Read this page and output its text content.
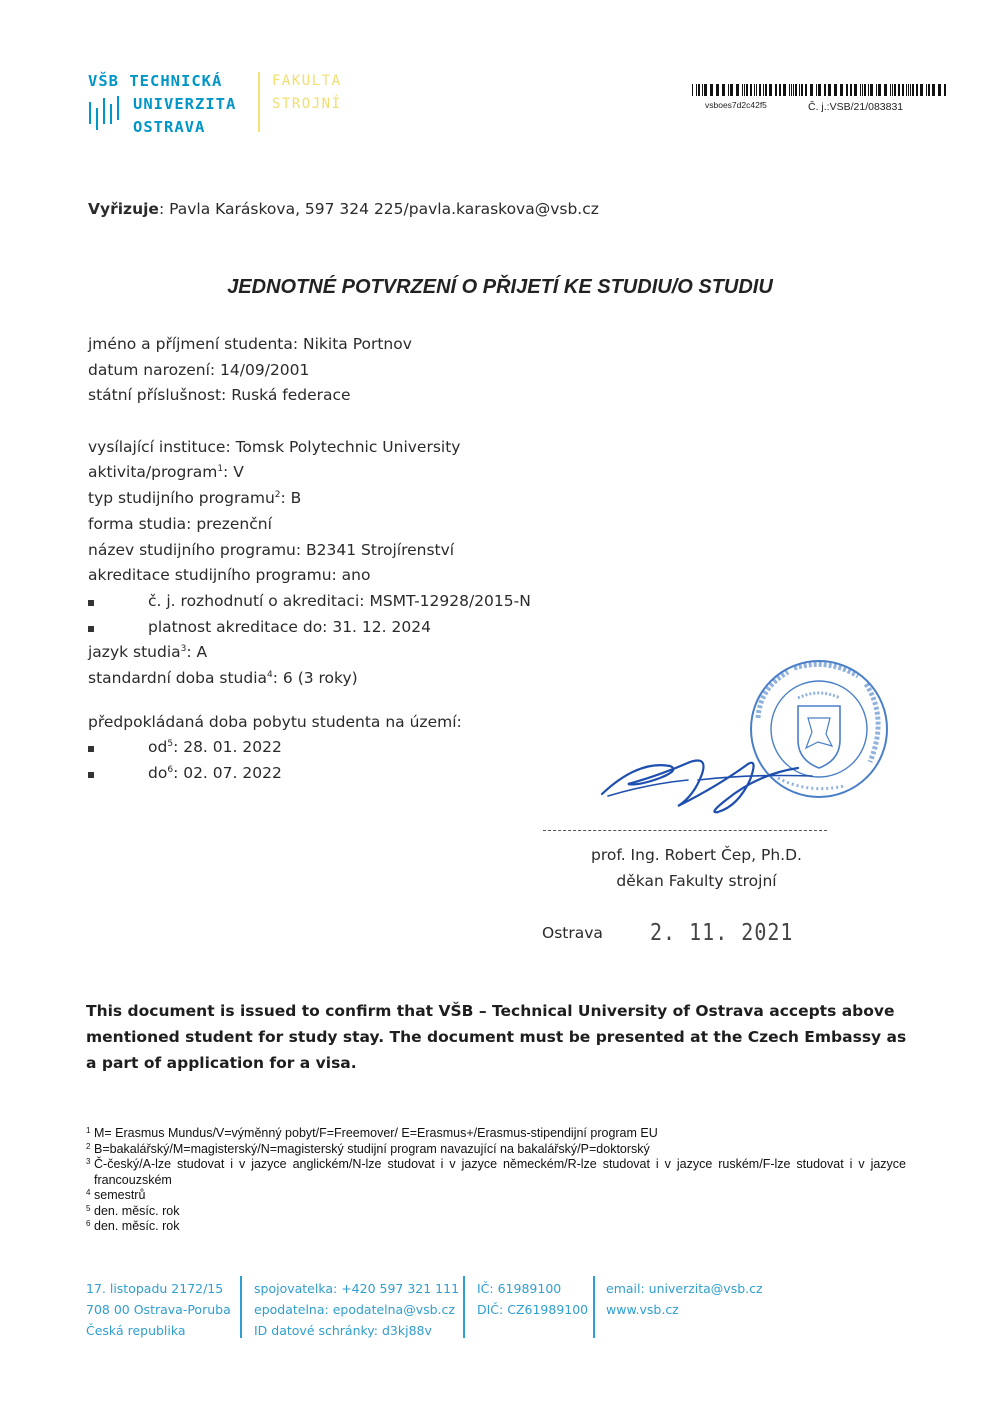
VŠB TECHNICKÁ
UNIVERZITA
OSTRAVA
FAKULTA
STROJNÍ	vsboes7d2c42f5	Č. j.:VSB/21/083831
Vyřizuje: Pavla Karáskova, 597 324 225/pavla.karaskova@vsb.cz
JEDNOTNÉ POTVRZENÍ O PŘIJETÍ KE STUDIU/O STUDIU
jméno a příjmení studenta: Nikita Portnov
datum narození: 14/09/2001
státní příslušnost: Ruská federace
vysílající instituce: Tomsk Polytechnic University
aktivita/program$^1$: V
typ studijního programu$^2$: B
forma studia: prezenční
název studijního programu: B2341 Strojírenství
akreditace studijního programu: ano
č. j. rozhodnutí o akreditaci: MSMT-12928/2015-N
platnost akreditace do: 31. 12. 2024
jazyk studia$^3$: A
standardní doba studia$^4$: 6 (3 roky)
předpokládaná doba pobytu studenta na území:
$od^5$: 28. 01. 2022
$do^6$: 02. 07. 2022
prof. Ing. Robert Čep, Ph.D.
děkan Fakulty strojní
Ostrava 2. 11. 2021
This document is issued to confirm that VŠB – Technical University of Ostrava accepts above mentioned student for study stay. The document must be presented at the Czech Embassy as a part of application for a visa.
1 M= Erasmus Mundus/V=výměnný pobyt/F=Freemover/ E=Erasmus+/Erasmus-stipendijní program EU
2 B=bakalářský/M=magisterský/N=magisterský studijní program navazující na bakalářský/P=doktorský
3 Č-český/A-lze studovat i v jazyce anglickém/N-lze studovat i v jazyce německém/R-lze studovat i v jazyce ruském/F-lze studovat i v jazyce francouzském
4 semestrů
5 den. měsíc. rok
6 den. měsíc. rok
17. listopadu 2172/15
708 00 Ostrava-Poruba
Česká republika
spojovatelka: +420 597 321 111
epodatelna: epodatelna@vsb.cz
ID datové schránky: d3kj88v
IČ: 61989100
DIČ: CZ61989100
email: univerzita@vsb.cz
www.vsb.cz
